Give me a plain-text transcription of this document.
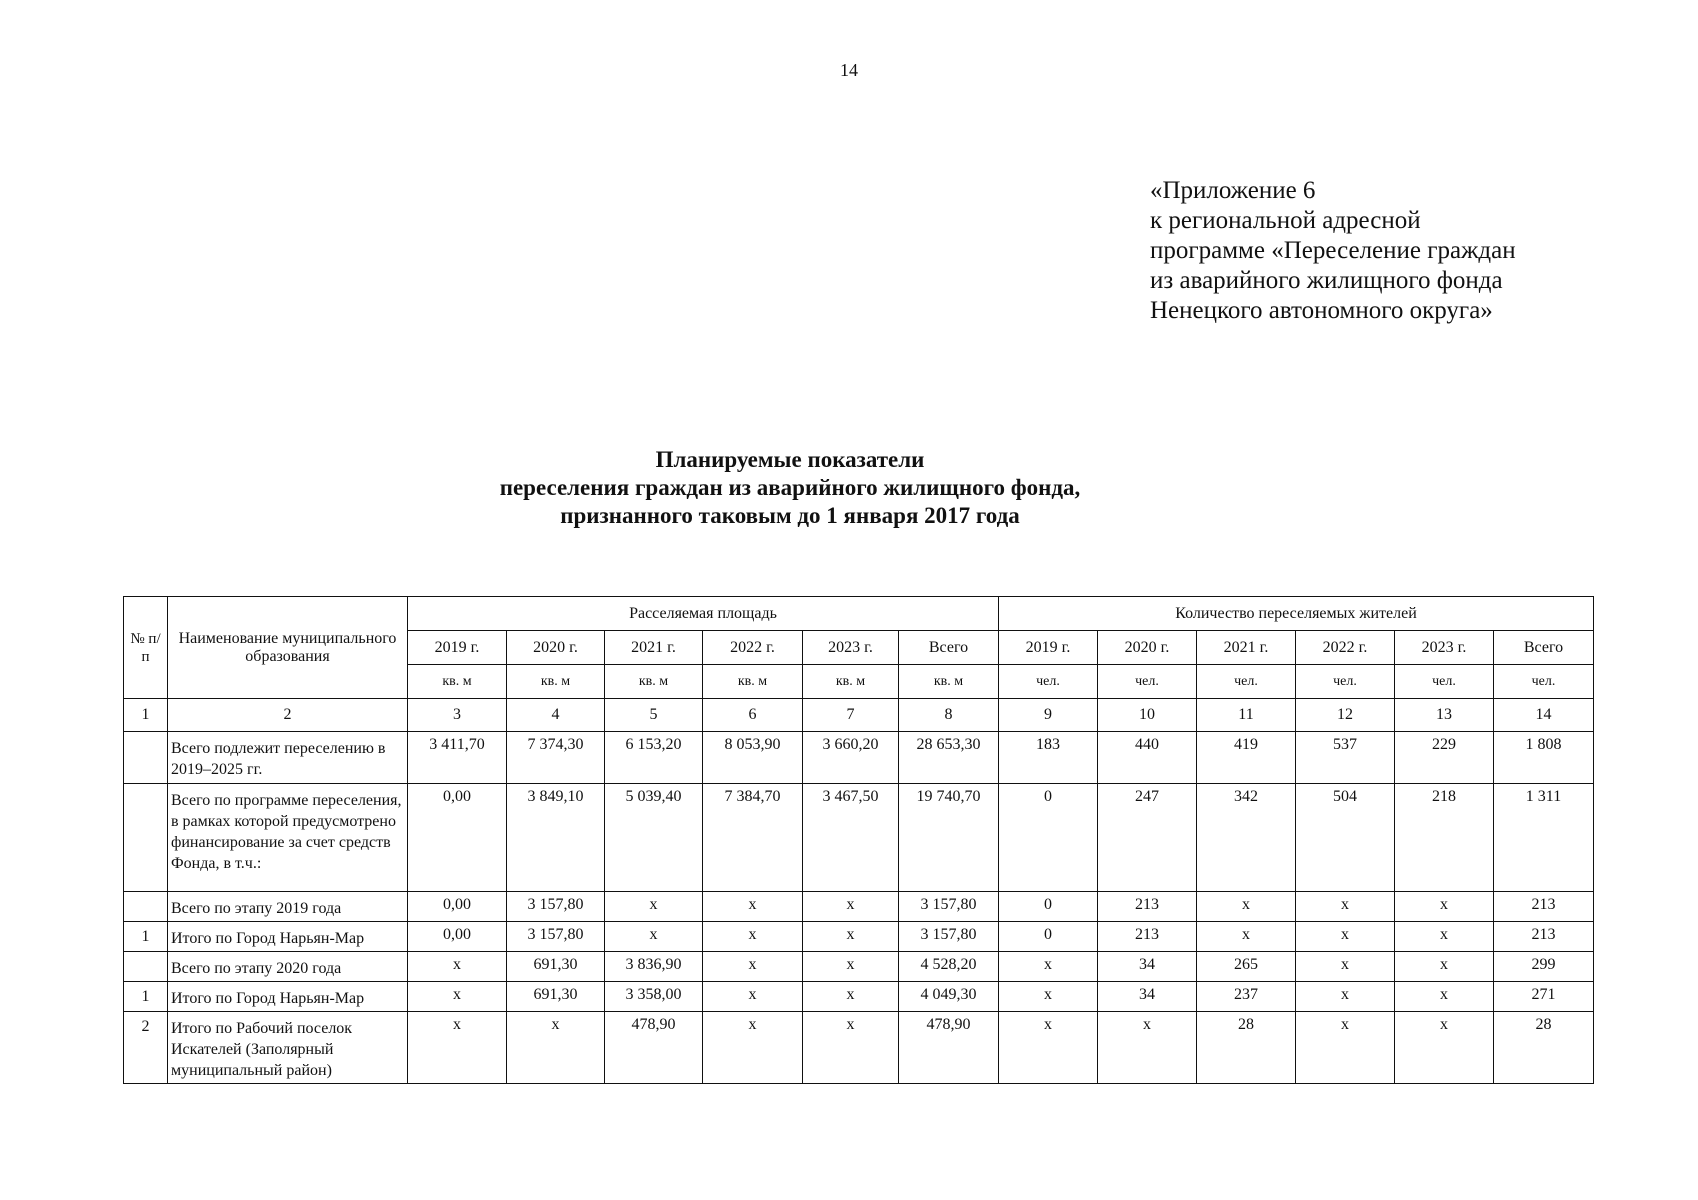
14
«Приложение 6
к региональной адресной
программе «Переселение граждан
из аварийного жилищного фонда
Ненецкого автономного округа»
Планируемые показатели
переселения граждан из аварийного жилищного фонда,
признанного таковым до 1 января 2017 года
№ п/п	Наименование муниципального образования	Расселяемая площадь						Количество переселяемых жителей					
		2019 г.	2020 г.	2021 г.	2022 г.	2023 г.	Всего	2019 г.	2020 г.	2021 г.	2022 г.	2023 г.	Всего
		кв. м	кв. м	кв. м	кв. м	кв. м	кв. м	чел.	чел.	чел.	чел.	чел.	чел.
1	2	3	4	5	6	7	8	9	10	11	12	13	14
	Всего подлежит переселению в 2019–2025 гг.	3 411,70	7 374,30	6 153,20	8 053,90	3 660,20	28 653,30	183	440	419	537	229	1 808
	Всего по программе переселения, в рамках которой предусмотрено финансирование за счет средств Фонда, в т.ч.:	0,00	3 849,10	5 039,40	7 384,70	3 467,50	19 740,70	0	247	342	504	218	1 311
	Всего по этапу 2019 года	0,00	3 157,80	х	х	х	3 157,80	0	213	х	х	х	213
1	Итого по Город Нарьян-Мар	0,00	3 157,80	х	х	х	3 157,80	0	213	х	х	х	213
	Всего по этапу 2020 года	х	691,30	3 836,90	х	х	4 528,20	х	34	265	х	х	299
1	Итого по Город Нарьян-Мар	х	691,30	3 358,00	х	х	4 049,30	х	34	237	х	х	271
2	Итого по Рабочий поселок Искателей (Заполярный муниципальный район)	х	х	478,90	х	х	478,90	х	х	28	х	х	28
